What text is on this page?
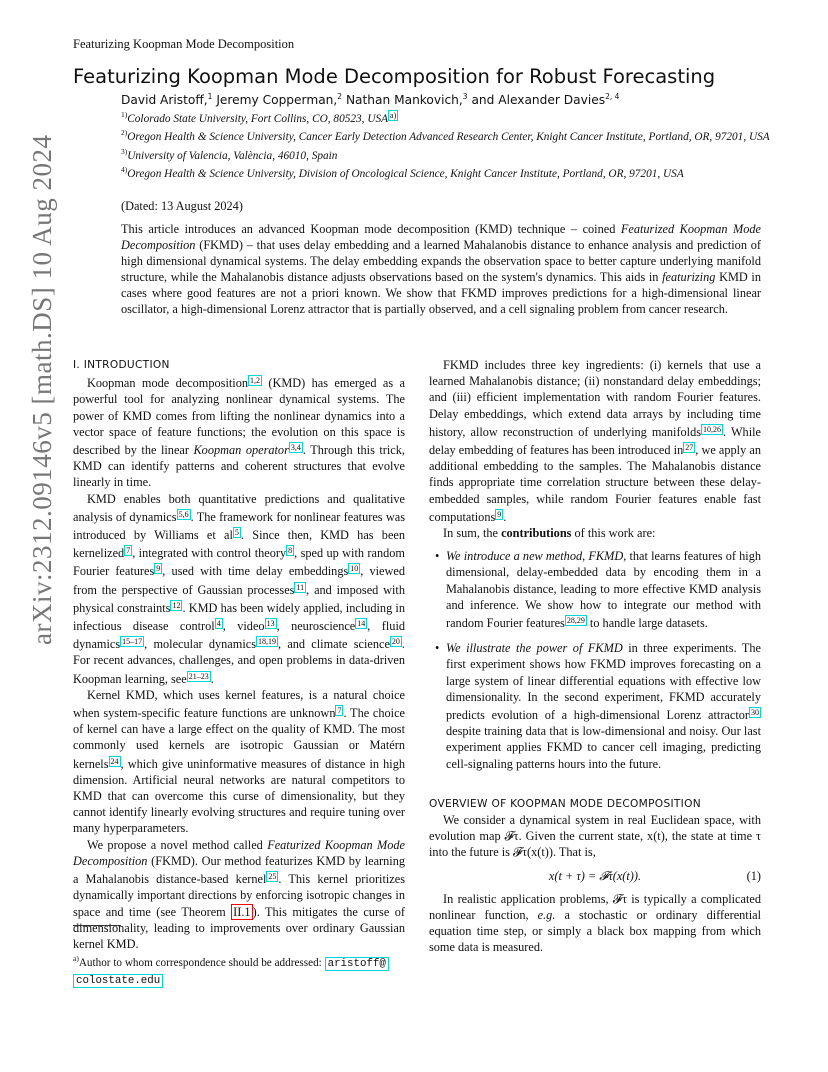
Featurizing Koopman Mode Decomposition
arXiv:2312.09146v5 [math.DS] 10 Aug 2024
Featurizing Koopman Mode Decomposition for Robust Forecasting
David Aristoff,$^1$ Jeremy Copperman,$^2$ Nathan Mankovich,$^3$ and Alexander Davies$^{2, 4}$
$^{1)}$Colorado State University, Fort Collins, CO, 80523, USA $^{a)}$
$^{2)}$Oregon Health & Science University, Cancer Early Detection Advanced Research Center, Knight Cancer Institute, Portland, OR, 97201, USA
$^{3)}$University of Valencia, València, 46010, Spain
$^{4)}$Oregon Health & Science University, Division of Oncological Science, Knight Cancer Institute, Portland, OR, 97201, USA
(Dated: 13 August 2024)
This article introduces an advanced Koopman mode decomposition (KMD) technique – coined Featurized Koopman Mode Decomposition (FKMD) – that uses delay embedding and a learned Mahalanobis distance to enhance analysis and prediction of high dimensional dynamical systems. The delay embedding expands the observation space to better capture underlying manifold structure, while the Mahalanobis distance adjusts observations based on the system's dynamics. This aids in featurizing KMD in cases where good features are not a priori known. We show that FKMD improves predictions for a high-dimensional linear oscillator, a high-dimensional Lorenz attractor that is partially observed, and a cell signaling problem from cancer research.

I. INTRODUCTION

Koopman mode decomposition $^{1,2}$ (KMD) has emerged as a powerful tool for analyzing nonlinear dynamical systems. The power of KMD comes from lifting the nonlinear dynamics into a vector space of feature functions; the evolution on this space is described by the linear Koopman operator $^{3,4}$ . Through this trick, KMD can identify patterns and coherent structures that evolve linearly in time.

KMD enables both quantitative predictions and qualitative analysis of dynamics $^{5,6}$ . The framework for nonlinear features was introduced by Williams et al $^5$ . Since then, KMD has been kernelized $^7$ , integrated with control theory $^8$ , sped up with random Fourier features $^9$ , used with time delay embeddings $^{10}$ , viewed from the perspective of Gaussian processes $^{11}$ , and imposed with physical constraints $^{12}$ . KMD has been widely applied, including in infectious disease control $^4$ , video $^{13}$ , neuroscience $^{14}$ , fluid dynamics $^{15-17}$ , molecular dynamics $^{18,19}$ , and climate science $^{20}$ . For recent advances, challenges, and open problems in data-driven Koopman learning, see $^{21-23}$ .

Kernel KMD, which uses kernel features, is a natural choice when system-specific feature functions are unknown $^7$ . The choice of kernel can have a large effect on the quality of KMD. The most commonly used kernels are isotropic Gaussian or Matérn kernels $^{24}$ , which give uninformative measures of distance in high dimension. Artificial neural networks are natural competitors to KMD that can overcome this curse of dimensionality, but they cannot identify linearly evolving structures and require tuning over many hyperparameters.

We propose a novel method called Featurized Koopman Mode Decomposition (FKMD). Our method featurizes KMD by learning a Mahalanobis distance-based kernel $^{25}$ . This kernel prioritizes dynamically important directions by enforcing isotropic changes in space and time (see Theorem II.1 ). This mitigates the curse of dimensionality, leading to improvements over ordinary Gaussian kernel KMD.

$^{a)}$Author to whom correspondence should be addressed: aristoff@
colostate.edu

FKMD includes three key ingredients: (i) kernels that use a learned Mahalanobis distance; (ii) nonstandard delay embeddings; and (iii) efficient implementation with random Fourier features. Delay embeddings, which extend data arrays by including time history, allow reconstruction of underlying manifolds $^{10,26}$ . While delay embedding of features has been introduced in $^{27}$ , we apply an additional embedding to the samples. The Mahalanobis distance finds appropriate time correlation structure between these delay-embedded samples, while random Fourier features enable fast computations $^9$ .

In sum, the contributions of this work are:

• We introduce a new method, FKMD, that learns features of high dimensional, delay-embedded data by encoding them in a Mahalanobis distance, leading to more effective KMD analysis and inference. We show how to integrate our method with random Fourier features $^{28,29}$ to handle large datasets.
• We illustrate the power of FKMD in three experiments. The first experiment shows how FKMD improves forecasting on a large system of linear differential equations with effective low dimensionality. In the second experiment, FKMD accurately predicts evolution of a high-dimensional Lorenz attractor $^{30}$ despite training data that is low-dimensional and noisy. Our last experiment applies FKMD to cancer cell imaging, predicting cell-signaling patterns hours into the future.

OVERVIEW OF KOOPMAN MODE DECOMPOSITION

We consider a dynamical system in real Euclidean space, with evolution map 𝓕τ. Given the current state, x(t), the state at time τ into the future is 𝓕τ(x(t)). That is,

x(t + τ) = 𝓕τ(x(t)).	(1)

In realistic application problems, 𝓕τ is typically a complicated nonlinear function, e.g. a stochastic or ordinary differential equation time step, or simply a black box mapping from which some data is measured.
